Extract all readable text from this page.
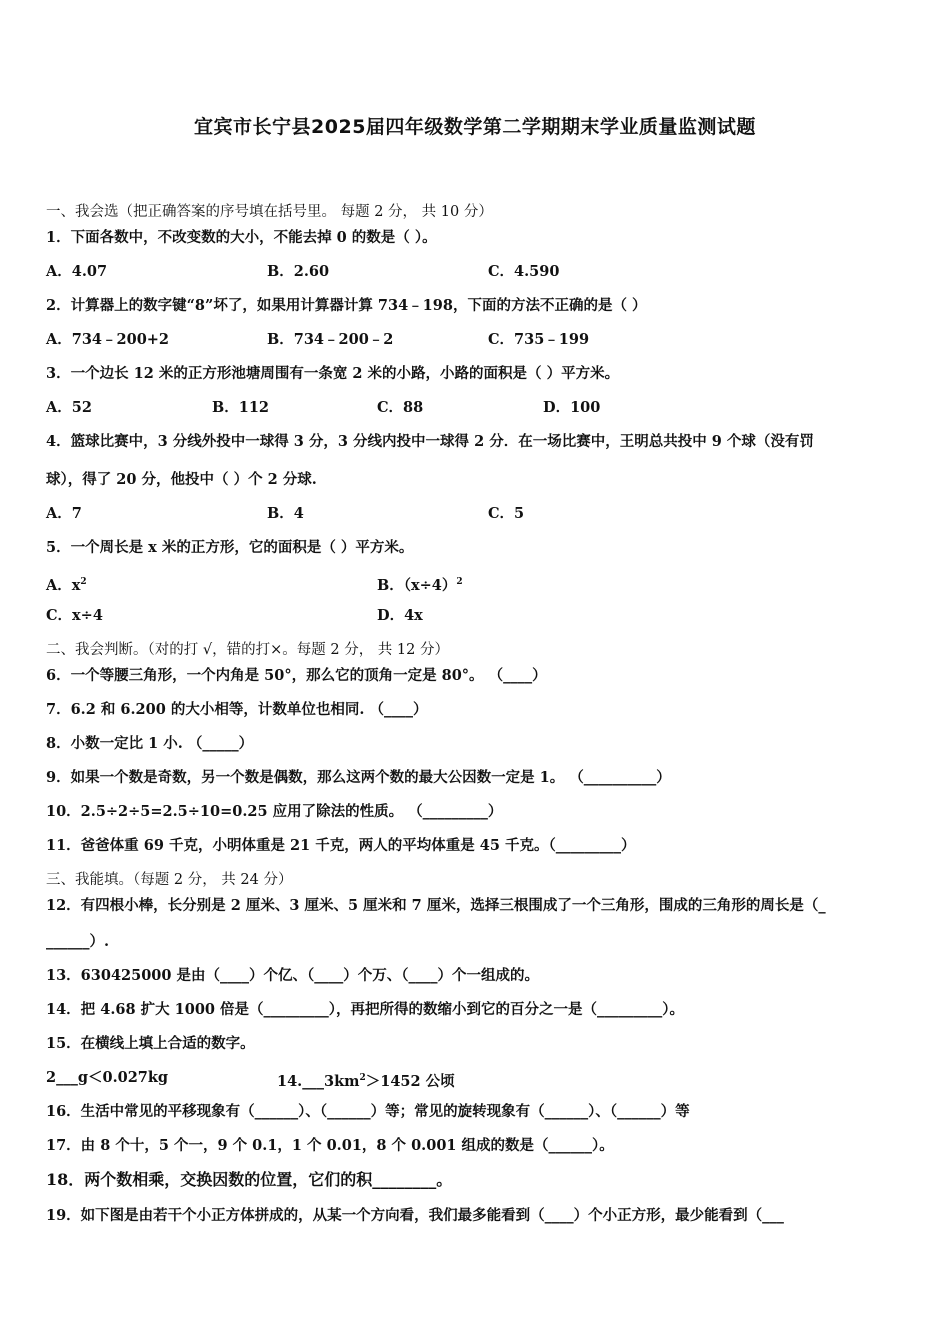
宜宾市长宁县2025届四年级数学第二学期期末学业质量监测试题
一、我会选（把正确答案的序号填在括号里。 每题 2 分， 共 10 分）
1．下面各数中，不改变数的大小，不能去掉 0 的数是（ ）。
A．4.07	B．2.60	C．4.590
2．计算器上的数字键“8”坏了，如果用计算器计算 734﹣198，下面的方法不正确的是（ ）
A．734﹣200+2	B．734﹣200﹣2	C．735﹣199
3．一个边长 12 米的正方形池塘周围有一条宽 2 米的小路，小路的面积是（ ）平方米。
A．52	B．112	C．88	D．100
4．篮球比赛中，3 分线外投中一球得 3 分，3 分线内投中一球得 2 分．在一场比赛中，王明总共投中 9 个球（没有罚
球），得了 20 分，他投中（ ）个 2 分球.
A．7	B．4	C．5
5．一个周长是 x 米的正方形，它的面积是（ ）平方米。
A．$x^2$	B．$(x\div 4)^2$
C．x÷4	D．4x
二、我会判断。（对的打 √，错的打×。每题 2 分， 共 12 分）
6．一个等腰三角形，一个内角是 50°，那么它的顶角一定是 80°。 （____）
7．6.2 和 6.200 的大小相等，计数单位也相同. （____）
8．小数一定比 1 小. （_____）
9．如果一个数是奇数，另一个数是偶数，那么这两个数的最大公因数一定是 1。 （__________）
10．2.5÷2÷5=2.5÷10=0.25 应用了除法的性质。 （_________）
11．爸爸体重 69 千克，小明体重是 21 千克，两人的平均体重是 45 千克。（_________）
三、我能填。（每题 2 分， 共 24 分）
12．有四根小棒，长分别是 2 厘米、3 厘米、5 厘米和 7 厘米，选择三根围成了一个三角形，围成的三角形的周长是（_
______）.
13．630425000 是由（____）个亿、（____）个万、（____）个一组成的。
14．把 4.68 扩大 1000 倍是（_________），再把所得的数缩小到它的百分之一是（_________）。
15．在横线上填上合适的数字。
2___g＜0.027kg	$14.\_\_\_3km^2>1452$ 公顷
16．生活中常见的平移现象有（______）、（______）等；常见的旋转现象有（______）、（______）等
17．由 8 个十，5 个一，9 个 0.1，1 个 0.01，8 个 0.001 组成的数是（______）。
18．两个数相乘，交换因数的位置，它们的积________。
19．如下图是由若干个小正方体拼成的，从某一个方向看，我们最多能看到（____）个小正方形，最少能看到（___
